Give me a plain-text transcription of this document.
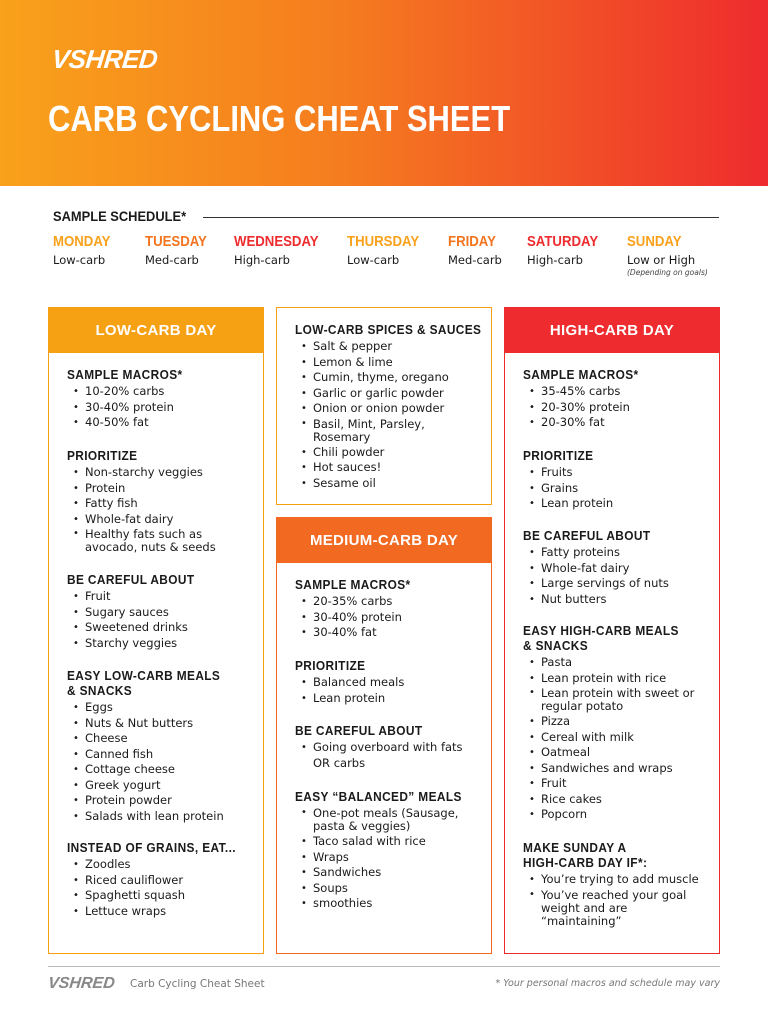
VSHRED
CARB CYCLING CHEAT SHEET
SAMPLE SCHEDULE*
MONDAY
Low-carb
TUESDAY
Med-carb
WEDNESDAY
High-carb
THURSDAY
Low-carb
FRIDAY
Med-carb
SATURDAY
High-carb
SUNDAY
Low or High
(Depending on goals)
LOW-CARB DAY
SAMPLE MACROS*
• 10-20% carbs
• 30-40% protein
• 40-50% fat
PRIORITIZE
• Non-starchy veggies
• Protein
• Fatty fish
• Whole-fat dairy
• Healthy fats such as avocado, nuts & seeds
BE CAREFUL ABOUT
• Fruit
• Sugary sauces
• Sweetened drinks
• Starchy veggies
EASY LOW-CARB MEALS
& SNACKS
• Eggs
• Nuts & Nut butters
• Cheese
• Canned fish
• Cottage cheese
• Greek yogurt
• Protein powder
• Salads with lean protein
INSTEAD OF GRAINS, EAT...
• Zoodles
• Riced cauliflower
• Spaghetti squash
• Lettuce wraps
LOW-CARB SPICES & SAUCES
• Salt & pepper
• Lemon & lime
• Cumin, thyme, oregano
• Garlic or garlic powder
• Onion or onion powder
• Basil, Mint, Parsley, Rosemary
• Chili powder
• Hot sauces!
• Sesame oil
MEDIUM-CARB DAY
SAMPLE MACROS*
• 20-35% carbs
• 30-40% protein
• 30-40% fat
PRIORITIZE
• Balanced meals
• Lean protein
BE CAREFUL ABOUT
• Going overboard with fats OR carbs
EASY “BALANCED” MEALS
• One-pot meals (Sausage, pasta & veggies)
• Taco salad with rice
• Wraps
• Sandwiches
• Soups
• smoothies
HIGH-CARB DAY
SAMPLE MACROS*
• 35-45% carbs
• 20-30% protein
• 20-30% fat
PRIORITIZE
• Fruits
• Grains
• Lean protein
BE CAREFUL ABOUT
• Fatty proteins
• Whole-fat dairy
• Large servings of nuts
• Nut butters
EASY HIGH-CARB MEALS
& SNACKS
• Pasta
• Lean protein with rice
• Lean protein with sweet or regular potato
• Pizza
• Cereal with milk
• Oatmeal
• Sandwiches and wraps
• Fruit
• Rice cakes
• Popcorn
MAKE SUNDAY A
HIGH-CARB DAY IF*:
• You’re trying to add muscle
• You’ve reached your goal weight and are “maintaining”
VSHRED Carb Cycling Cheat Sheet	* Your personal macros and schedule may vary
